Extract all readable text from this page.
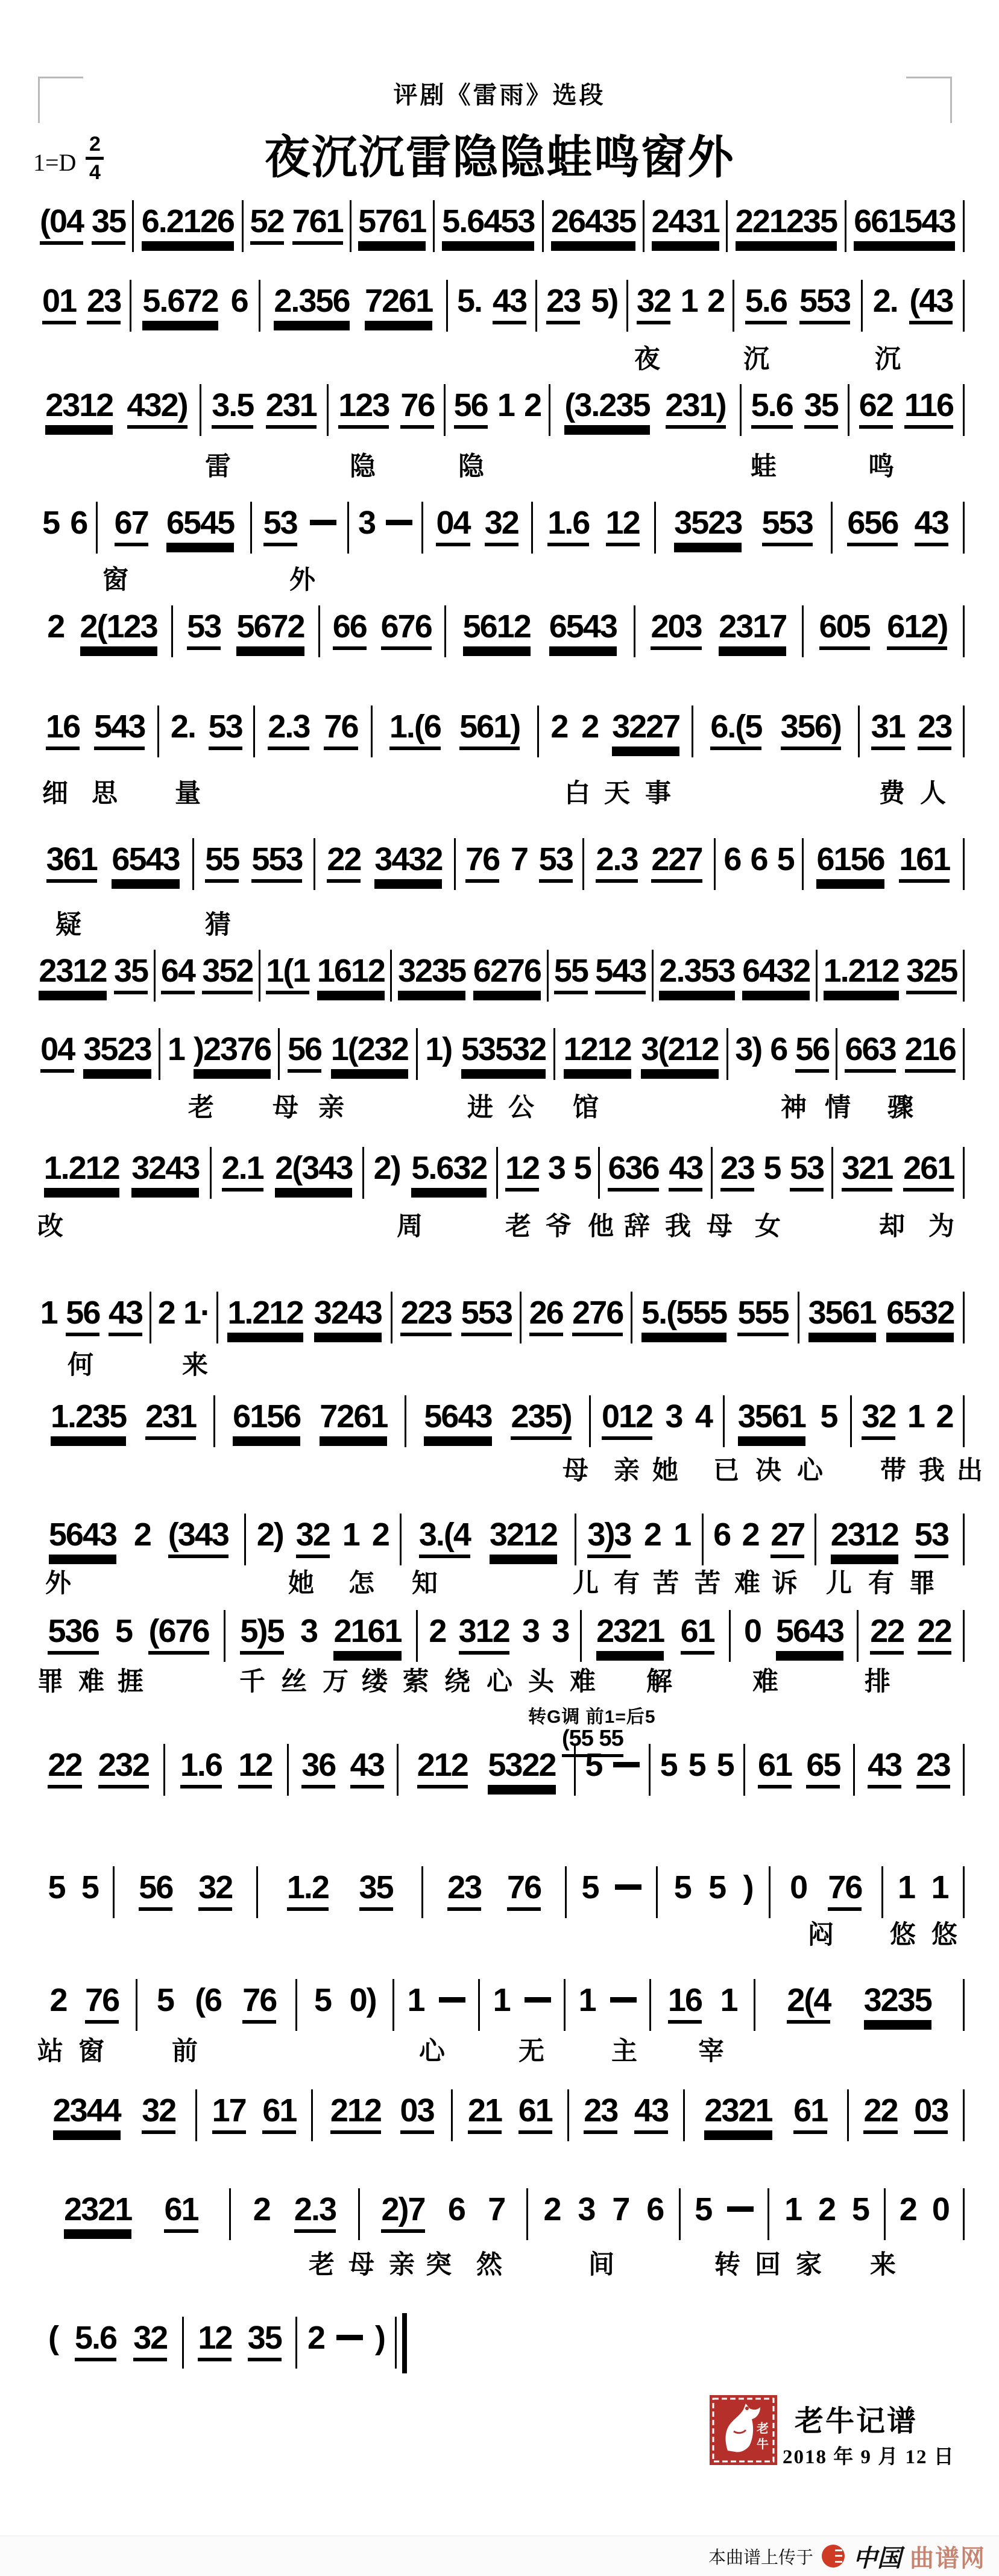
评剧《雷雨》选段
夜沉沉雷隐隐蛙鸣窗外
1=D
2
4
(04 35 6.2126 52 761 5761 5.6453 26435 2431 221235 661543
01 23 5.672 6 2.356 7261 5. 43 23 5) 32 1 2 5.6 553 2. (43
2312 432) 3.5 231 123 76 56 1 2 (3.235 231) 5.6 35 62 116
5 6 67 6545 53 3 04 32 1.6 12 3523 553 656 43
2 2(123 53 5672 66 676 5612 6543 203 2317 605 612)
16 543 2. 53 2.3 76 1.(6 561) 2 2 3227 6.(5 356) 31 23
361 6543 55 553 22 3432 76 7 53 2.3 227 6 6 5 6156 161
2312 35 64 352 1(1 1612 3235 6276 55 543 2.353 6432 1.212 325
04 3523 1 )2376 56 1(232 1) 53532 1212 3(212 3) 6 56 663 216
1.212 3243 2.1 2(343 2) 5.632 12 3 5 636 43 23 5 53 321 261
1 56 43 2 1· 1.212 3243 223 553 26 276 5.(555 555 3561 6532
1.235 231 6156 7261 5643 235) 012 3 4 3561 5 32 1 2
5643 2 (343 2) 32 1 2 3.(4 3212 3)3 2 1 6 2 27 2312 53
536 5 (676 5)5 3 2161 2 312 3 3 2321 61 0 5643 22 22
22 232 1.6 12 36 43 212 5322 5 5 5 5 61 65 43 23
5 5 56 32 1.2 35 23 76 5 5 5 ) 0 76 1 1
2 76 5 (6 76 5 0) 1 1 1 16 1 2(4 3235
2344 32 17 61 212 03 21 61 23 43 2321 61 22 03
2321 61 2 2.3 2)7 6 7 2 3 7 6 5 1 2 5 2 0
( 5.6 32 12 35 2 )
转G调 前1=后5
(55 55
老
牛
老牛记谱
2018 年 9 月 12 日
本曲谱上传于 中国 曲谱网
夜	沉	沉
雷	隐	隐	蛙	鸣
窗	外
细 思 量	白 天 事	费 人
疑	猜
老 母 亲	进 公 馆	神 情 骤
改	周	老 爷 他 辞 我 母 女	却 为
何	来
母 亲 她 已 决 心 带 我 出
外	她 怎 知	儿 有 苦 苦 难 诉 儿 有 罪
罪 难 捱	千 丝 万 缕 萦 绕 心 头 难 解	难	排
闷 悠 悠
站 窗	前	心	无	主 宰
老 母 亲 突 然	间	转 回 家 来
